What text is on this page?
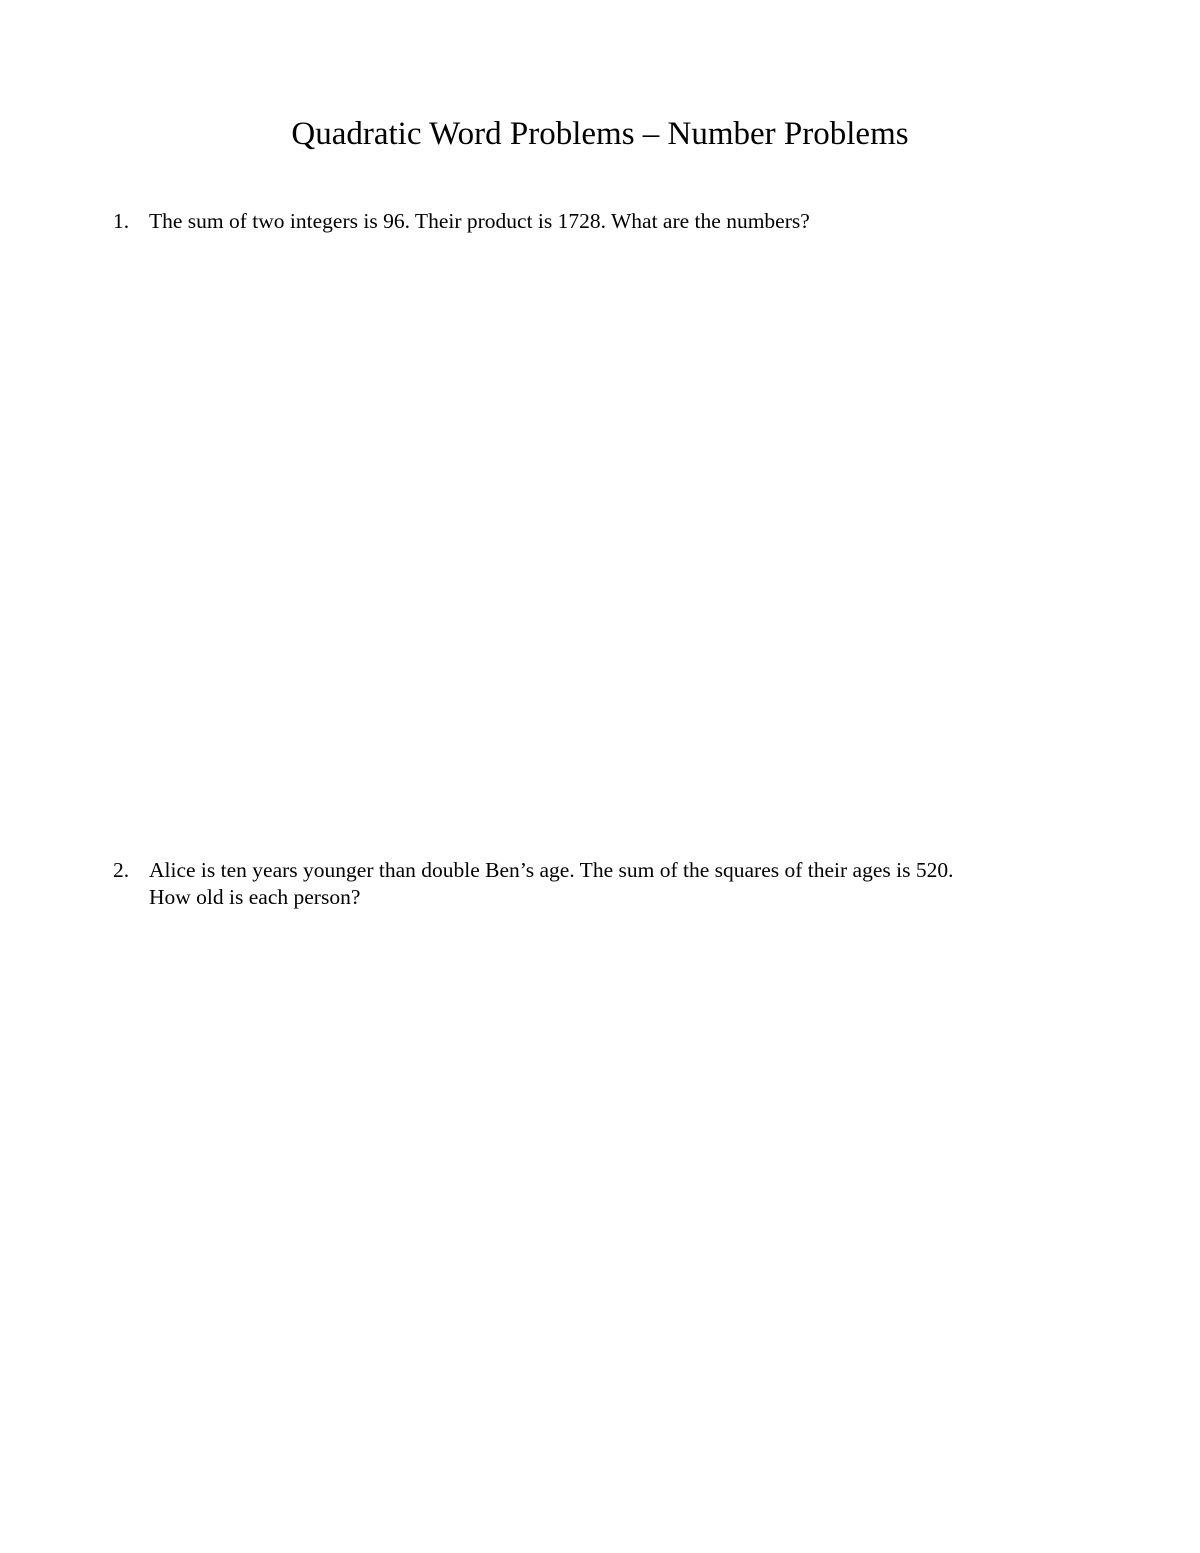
Quadratic Word Problems – Number Problems
1. The sum of two integers is 96. Their product is 1728. What are the numbers?
2. Alice is ten years younger than double Ben’s age. The sum of the squares of their ages is 520.
How old is each person?
